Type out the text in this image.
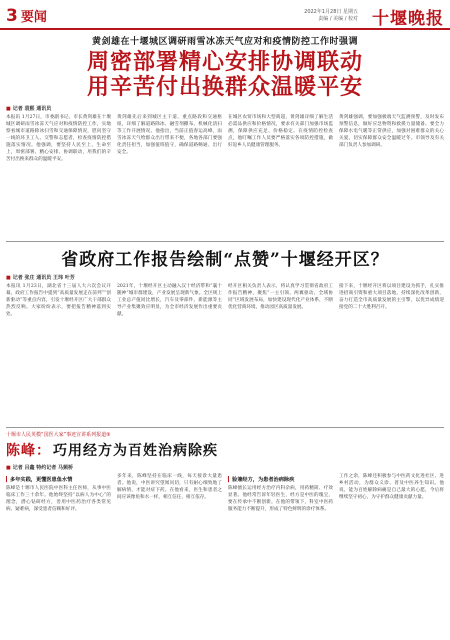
3 要闻	2022年1月28日 星期五
责编 / 美编 / 校对 十堰晚报
黄剑雄在十堰城区调研雨雪冰冻天气应对和疫情防控工作时强调
周密部署精心安排协调联动
用辛苦付出换群众温暖平安
■ 记者 袁熙 通讯员
本报讯 1月27日，市委副书记、市长黄剑雄在十堰城区调研雨雪冰冻天气应对和疫情防控工作，实地察看城市道路除冰扫雪和交通保障情况，慰问坚守一线的环卫工人、交警和志愿者，检查疫情防控措施落实情况。他强调，要坚持人民至上、生命至上，周密部署、精心安排、协调联动，用我们的辛苦付出换来群众的温暖平安。
黄剑雄先后来到城区主干道、重点路段和交通枢纽，详细了解道路除冰、融雪剂撒布、机械化清扫等工作开展情况。他指出，当前正值春运高峰，雨雪冰冻天气给群众出行带来不便，各地各部门要强化责任担当，加强值班值守，确保道路畅通、出行安全。
在城区农贸市场和大型商超，黄剑雄详细了解生活必需品供应和价格情况，要求有关部门加强市场监测，保障供应充足、价格稳定。在疫情防控检查点，他叮嘱工作人员要严格落实各项防控措施，做好返乡人员健康管理服务。
黄剑雄强调，要加强极端天气监测预警，及时发布预警信息，做好应急物资和救援力量储备。要全力保障水电气暖等正常供应，加强对困难群众的关心关爱，切实保障群众安全温暖过冬。市领导及有关部门负责人参加调研。
省政府工作报告绘制“点赞”十堰经开区？
■ 记者 张庄 通讯员 王玮 叶芳
本报讯 1月23日，湖北省十三届人大六次会议开幕，政府工作报告中提到“高质量发展走在前列”“创新驱动”等重点内容，引发十堰经开区广大干部群众热烈反响。大家纷纷表示，要把报告精神落到实处。
2021年，十堰经开区主动融入汉十经济带和“襄十随神”城市群建设，产业发展呈现新气象。全区规上工业总产值同比增长，汽车及零部件、新能源等主导产业集聚效应明显，为全市经济发展作出重要贡献。
经开区相关负责人表示，将认真学习贯彻省政府工作报告精神，聚焦“一主引领、两翼驱动、全域协同”区域发展布局，加快建设现代化产业体系，不断优化营商环境，推动园区高质量发展。
接下来，十堰经开区将以项目建设为抓手，扎实推进招商引资和重大项目落地，持续深化改革创新，奋力打造全市高质量发展的主引擎，以优异成绩迎接党的二十大胜利召开。
十堰市人民英模“国医大家”事迹宣讲系列报道⑨
陈峰： 巧用经方为百姓治病除疾
■ 记者 吕鑫 特约记者 马频桥
▎ 多年实践，更懂医患鱼水情
陈峰是十堰市人民医院中医科主任医师，从事中医临床工作三十余年。他始终坚持“以病人为中心”的理念，潜心钻研经方，善用中医药治疗各类常见病、疑难病，深受患者信赖和好评。
多年来，陈峰坚持在临床一线，每天接诊大量患者。他说，中医讲究望闻问切，只有耐心细致地了解病情，才能对症下药。在他看来，医生和患者之间应该像鱼和水一样，相互信任、相互依存。
▎ 验兼经方，为患者治病除疾
陈峰擅长运用经方治疗内科杂病，用药精简、疗效显著。他经常告诉年轻医生，经方是中医的瑰宝，要在传承中不断创新。在他的带领下，科室中医药服务能力不断提升，形成了特色鲜明的诊疗体系。
工作之余，陈峰还积极参与中医药文化进社区、进乡村活动，为群众义诊、普及中医养生知识。他说，能为百姓解除病痛是自己最大的心愿，今后将继续坚守初心，为守护群众健康贡献力量。
